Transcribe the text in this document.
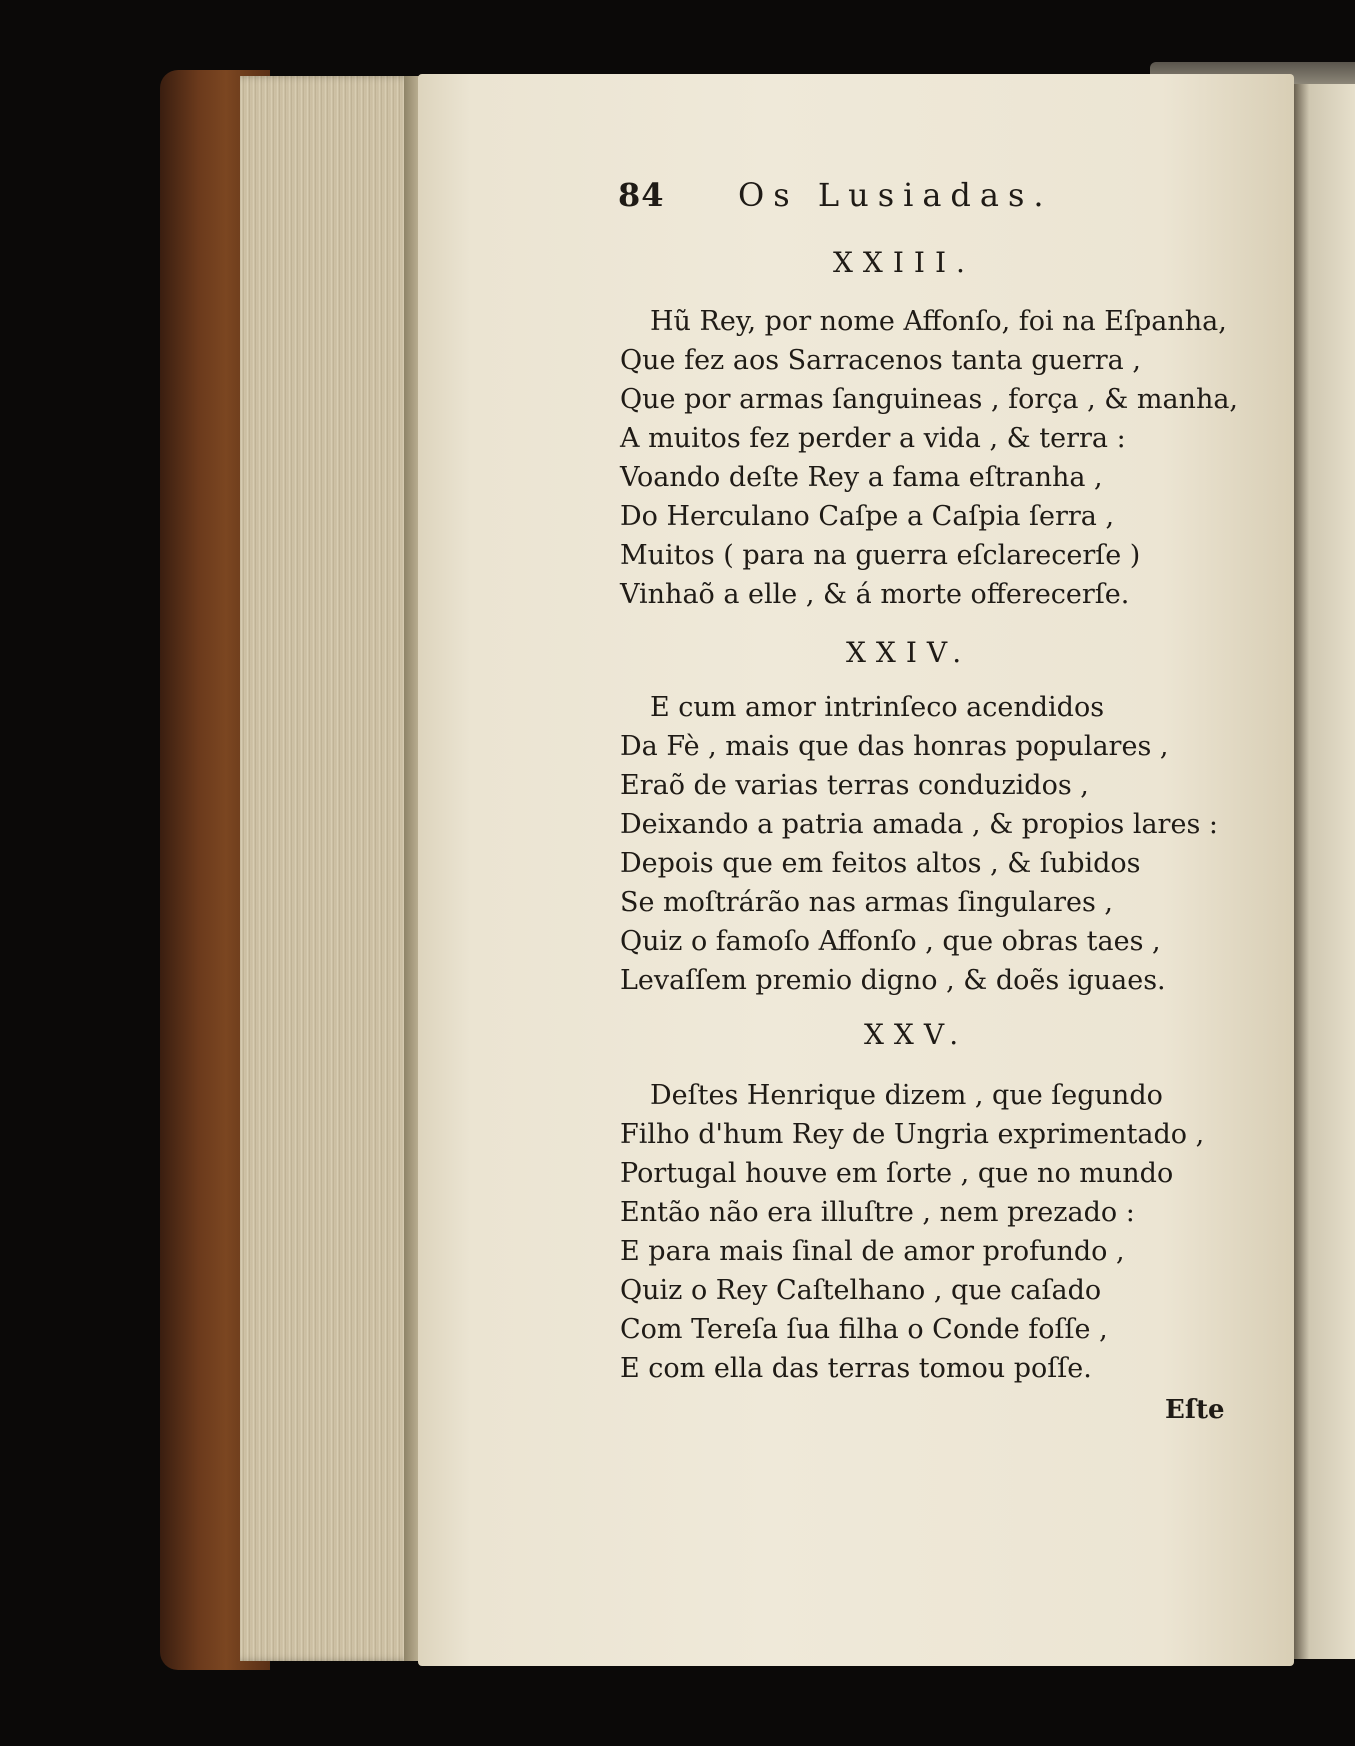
84 Os Lusiadas.
XXIII.
Hũ Rey, por nome Affonſo, foi na Eſpanha,
Que fez aos Sarracenos tanta guerra ,
Que por armas ſanguineas , força , & manha,
A muitos fez perder a vida , & terra :
Voando deſte Rey a fama eſtranha ,
Do Herculano Caſpe a Caſpia ſerra ,
Muitos ( para na guerra eſclarecerſe )
Vinhaõ a elle , & á morte offerecerſe.
XXIV.
E cum amor intrinſeco acendidos
Da Fè , mais que das honras populares ,
Eraõ de varias terras conduzidos ,
Deixando a patria amada , & propios lares :
Depois que em feitos altos , & ſubidos
Se moſtrárão nas armas ſingulares ,
Quiz o famoſo Affonſo , que obras taes ,
Levaſſem premio digno , & doẽs iguaes.
XXV.
Deſtes Henrique dizem , que ſegundo
Filho d'hum Rey de Ungria exprimentado ,
Portugal houve em ſorte , que no mundo
Então não era illuſtre , nem prezado :
E para mais ſinal de amor profundo ,
Quiz o Rey Caſtelhano , que caſado
Com Tereſa ſua filha o Conde foſſe ,
E com ella das terras tomou poſſe.
Eſte
